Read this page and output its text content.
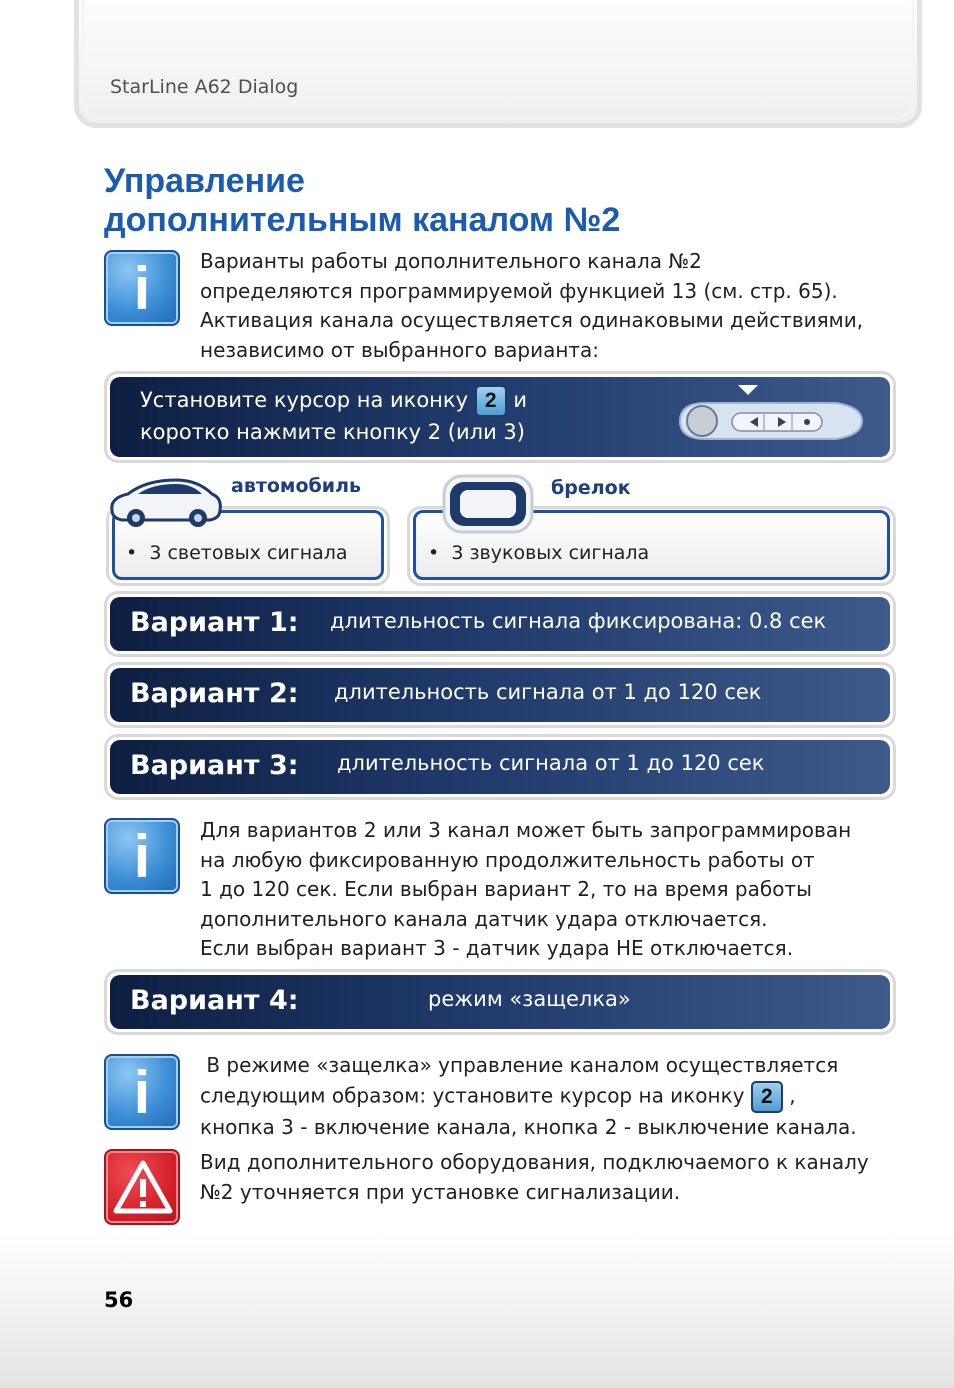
StarLine A62 Dialog
Управление
дополнительным каналом №2
i	Варианты работы дополнительного канала №2
определяются программируемой функцией 13 (см. стр. 65).
Активация канала осуществляется одинаковыми действиями,
независимо от выбранного варианта:
Установите курсор на иконку 2 и
коротко нажмите кнопку 2 (или 3)
• 3 световых сигнала
автомобиль
• 3 звуковых сигнала
брелок
Вариант 1: длительность сигнала фиксирована: 0.8 сек
Вариант 2: длительность сигнала от 1 до 120 сек
Вариант 3: длительность сигнала от 1 до 120 сек
i	Для вариантов 2 или 3 канал может быть запрограммирован
на любую фиксированную продолжительность работы от
1 до 120 сек. Если выбран вариант 2, то на время работы
дополнительного канала датчик удара отключается.
Если выбран вариант 3 - датчик удара НЕ отключается.
Вариант 4:	режим «защелка»
i	В режиме «защелка» управление каналом осуществляется
следующим образом: установите курсор на иконку 2 ,
кнопка 3 - включение канала, кнопка 2 - выключение канала.
Вид дополнительного оборудования, подключаемого к каналу
№2 уточняется при установке сигнализации.
56
